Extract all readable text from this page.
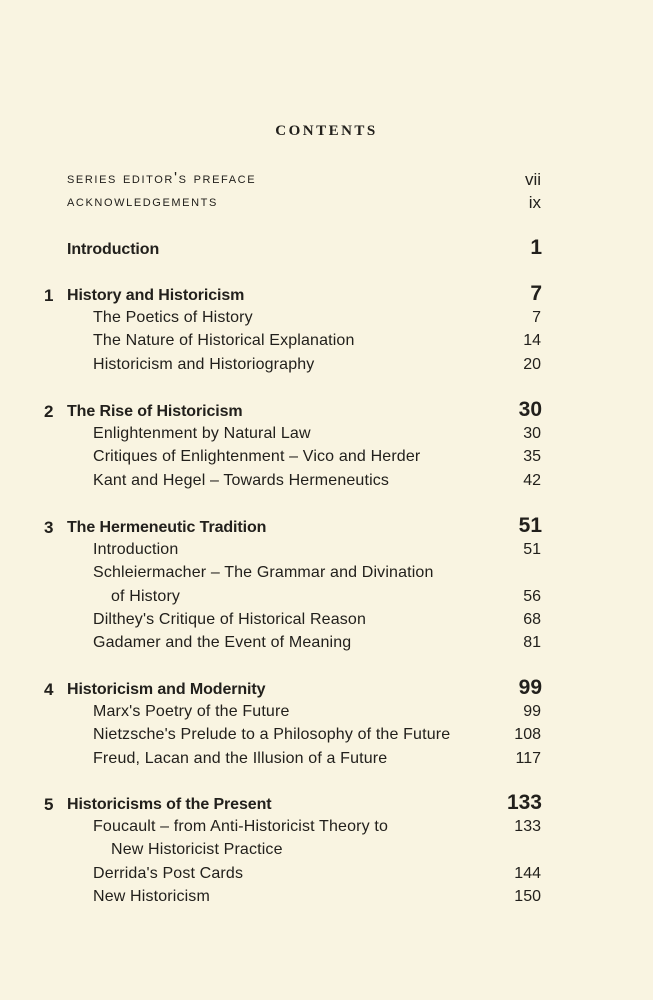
contents
series editor's preface	vii
acknowledgements	ix
Introduction	1
1 History and Historicism	7
The Poetics of History	7
The Nature of Historical Explanation	14
Historicism and Historiography	20
2 The Rise of Historicism	30
Enlightenment by Natural Law	30
Critiques of Enlightenment – Vico and Herder	35
Kant and Hegel – Towards Hermeneutics	42
3 The Hermeneutic Tradition	51
Introduction	51
Schleiermacher – The Grammar and Divination
of History	56
Dilthey's Critique of Historical Reason	68
Gadamer and the Event of Meaning	81
4 Historicism and Modernity	99
Marx's Poetry of the Future	99
Nietzsche's Prelude to a Philosophy of the Future	108
Freud, Lacan and the Illusion of a Future	117
5 Historicisms of the Present	133
Foucault – from Anti-Historicist Theory to	133
New Historicist Practice
Derrida's Post Cards	144
New Historicism	150
